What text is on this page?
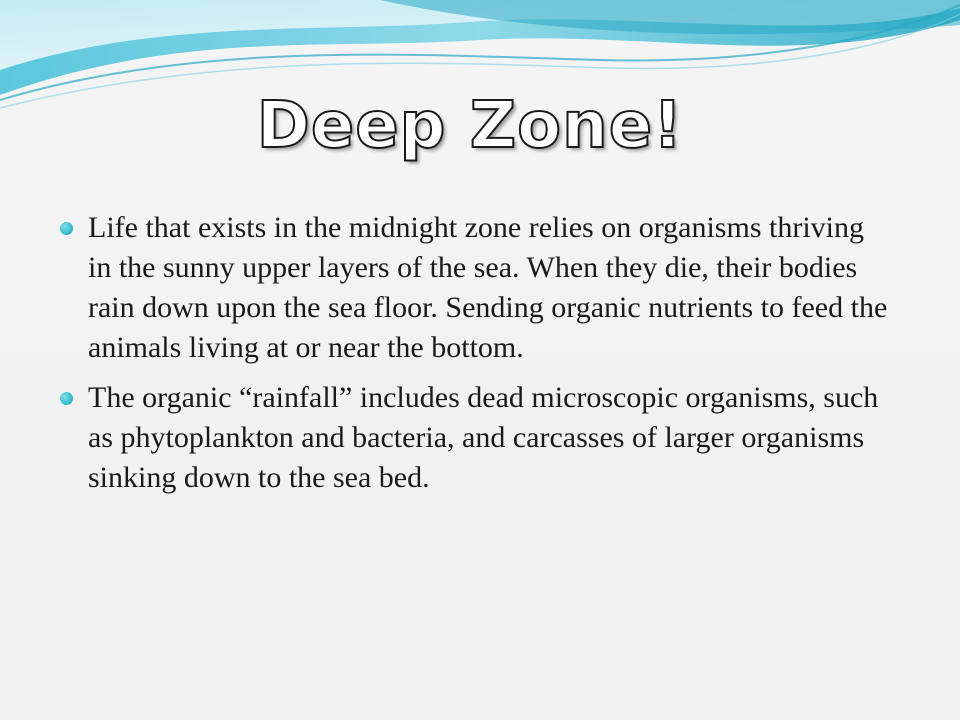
Deep Zone!
Life that exists in the midnight zone relies on organisms thriving in the sunny upper layers of the sea. When they die, their bodies rain down upon the sea floor. Sending organic nutrients to feed the animals living at or near the bottom.
The organic “rainfall” includes dead microscopic organisms, such as phytoplankton and bacteria, and carcasses of larger organisms sinking down to the sea bed.
